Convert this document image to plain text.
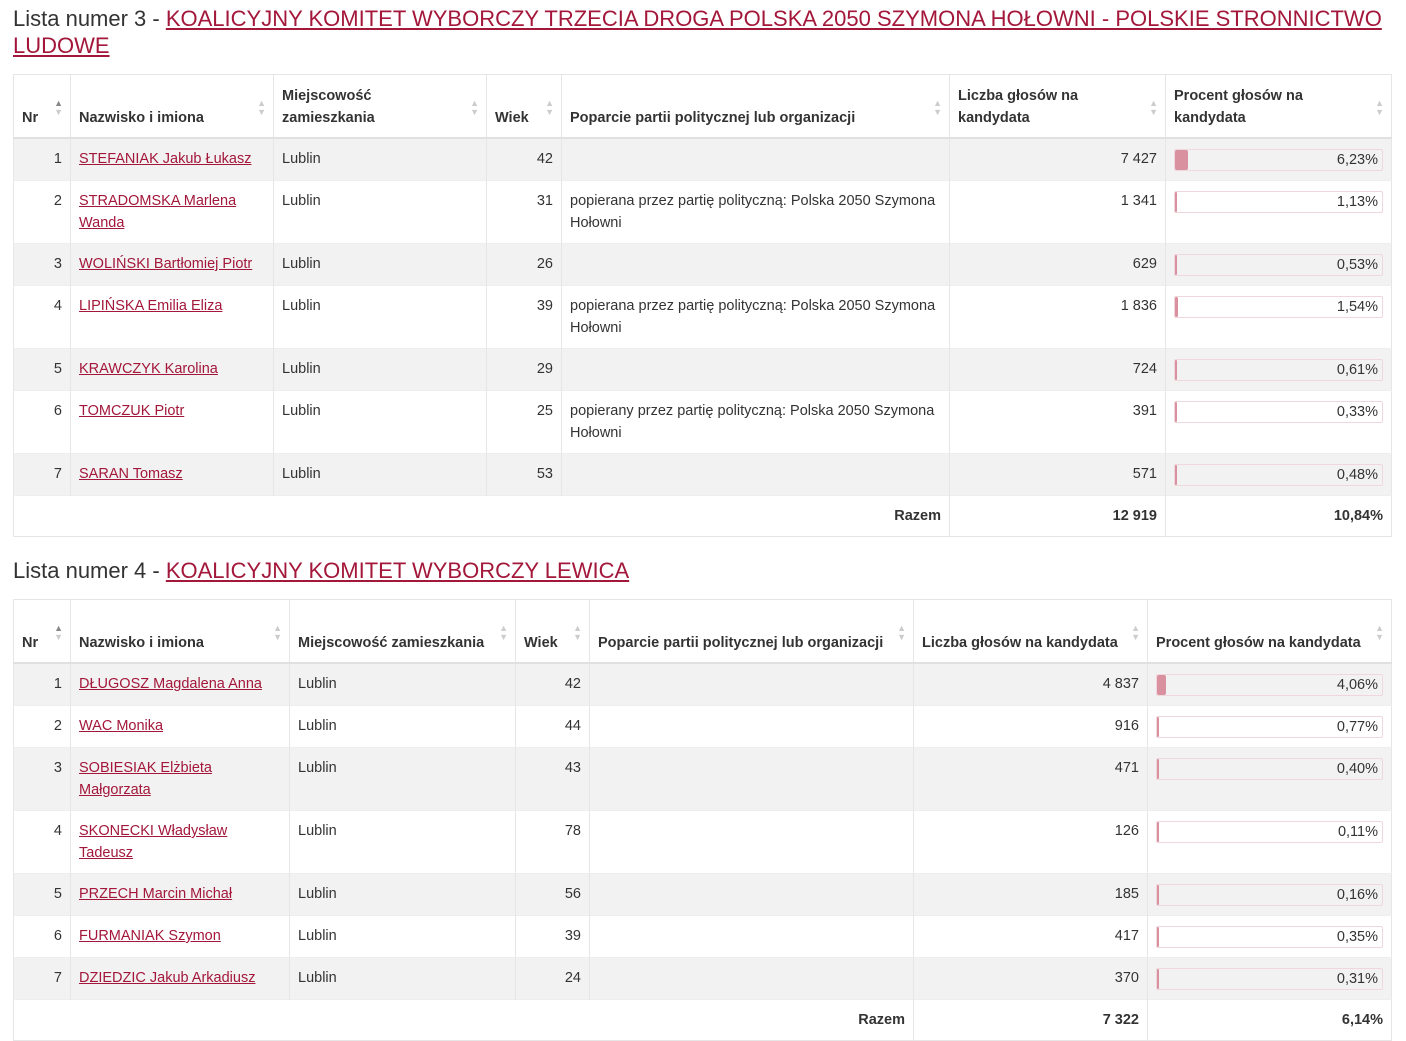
Lista numer 3 - KOALICYJNY KOMITET WYBORCZY TRZECIA DROGA POLSKA 2050 SZYMONA HOŁOWNI - POLSKIE STRONNICTWO LUDOWE
Nr
▲
▼	Nazwisko i imiona
▲
▼	Miejscowość zamieszkania
▲
▼	Wiek
▲
▼	Poparcie partii politycznej lub organizacji
▲
▼	Liczba głosów na kandydata
▲
▼	Procent głosów na kandydata
▲
▼

1	STEFANIAK Jakub Łukasz	Lublin	42		7 427	6,23%

2	STRADOMSKA Marlena Wanda	Lublin	31	popierana przez partię polityczną: Polska 2050 Szymona Hołowni	1 341	1,13%

3	WOLIŃSKI Bartłomiej Piotr	Lublin	26		629	0,53%

4	LIPIŃSKA Emilia Eliza	Lublin	39	popierana przez partię polityczną: Polska 2050 Szymona Hołowni	1 836	1,54%

5	KRAWCZYK Karolina	Lublin	29		724	0,61%

6	TOMCZUK Piotr	Lublin	25	popierany przez partię polityczną: Polska 2050 Szymona Hołowni	391	0,33%

7	SARAN Tomasz	Lublin	53		571	0,48%

Razem					12 919	10,84%
Lista numer 4 - KOALICYJNY KOMITET WYBORCZY LEWICA
Nr
▲
▼	Nazwisko i imiona
▲
▼	Miejscowość zamieszkania
▲
▼	Wiek
▲
▼	Poparcie partii politycznej lub organizacji
▲
▼	Liczba głosów na kandydata
▲
▼	Procent głosów na kandydata
▲
▼

1	DŁUGOSZ Magdalena Anna	Lublin	42		4 837	4,06%

2	WAC Monika	Lublin	44		916	0,77%

3	SOBIESIAK Elżbieta Małgorzata	Lublin	43		471	0,40%

4	SKONECKI Władysław Tadeusz	Lublin	78		126	0,11%

5	PRZECH Marcin Michał	Lublin	56		185	0,16%

6	FURMANIAK Szymon	Lublin	39		417	0,35%

7	DZIEDZIC Jakub Arkadiusz	Lublin	24		370	0,31%

Razem					7 322	6,14%
